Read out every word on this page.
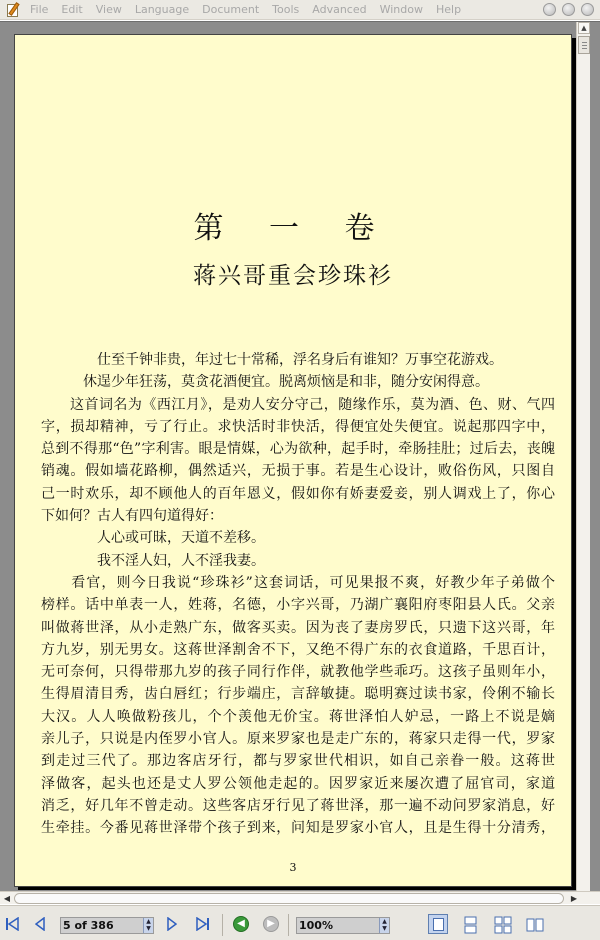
File Edit View Language Document Tools Advanced Window Help
第 一 卷
蒋兴哥重会珍珠衫
　　　　仕至千钟非贵，年过七十常稀，浮名身后有谁知？万事空花游戏。
　　　休逞少年狂荡，莫贪花酒便宜。脱离烦恼是和非，随分安闲得意。
　　这首词名为《西江月》，是劝人安分守己，随缘作乐，莫为酒、色、财、气四
字，损却精神，亏了行止。求快活时非快活，得便宜处失便宜。说起那四字中，
总到不得那“色”字利害。眼是情媒，心为欲种，起手时，牵肠挂肚；过后去，丧魄
销魂。假如墙花路柳，偶然适兴，无损于事。若是生心设计，败俗伤风，只图自
己一时欢乐，却不顾他人的百年恩义，假如你有娇妻爱妾，别人调戏上了，你心
下如何？古人有四句道得好：
　　　　人心或可昧，天道不差移。
　　　　我不淫人妇，人不淫我妻。
　　看官，则今日我说“珍珠衫”这套词话，可见果报不爽，好教少年子弟做个
榜样。话中单表一人，姓蒋，名德，小字兴哥，乃湖广襄阳府枣阳县人氏。父亲
叫做蒋世泽，从小走熟广东，做客买卖。因为丧了妻房罗氏，只遗下这兴哥，年
方九岁，别无男女。这蒋世泽割舍不下，又绝不得广东的衣食道路，千思百计，
无可奈何，只得带那九岁的孩子同行作伴，就教他学些乖巧。这孩子虽则年小，
生得眉清目秀，齿白唇红；行步端庄，言辞敏捷。聪明赛过读书家，伶俐不输长
大汉。人人唤做粉孩儿，个个羡他无价宝。蒋世泽怕人妒忌，一路上不说是嫡
亲儿子，只说是内侄罗小官人。原来罗家也是走广东的，蒋家只走得一代，罗家
到走过三代了。那边客店牙行，都与罗家世代相识，如自己亲眷一般。这蒋世
泽做客，起头也还是丈人罗公领他走起的。因罗家近来屡次遭了屈官司，家道
消乏，好几年不曾走动。这些客店牙行见了蒋世泽，那一遍不动问罗家消息，好
生牵挂。今番见蒋世泽带个孩子到来，问知是罗家小官人，且是生得十分清秀，
3
▲
◀	▶
5 of 386	▲
▼	◀	▶	100%	▲
▼
